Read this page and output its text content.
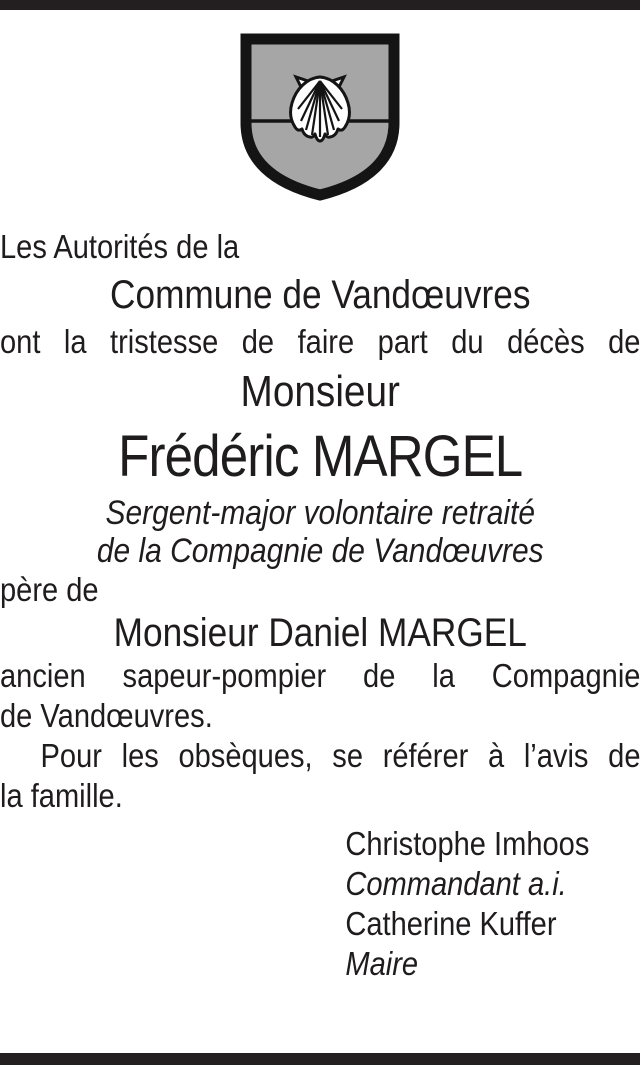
Les Autorités de la

Commune de Vandœuvres

ont la tristesse de faire part du décès de

Monsieur

Frédéric MARGEL

Sergent-major volontaire retraité

de la Compagnie de Vandœuvres

père de

Monsieur Daniel MARGEL

ancien sapeur-pompier de la Compagnie

de Vandœuvres.

Pour les obsèques, se référer à l’avis de

la famille.

Christophe Imhoos

Commandant a.i.

Catherine Kuffer

Maire
